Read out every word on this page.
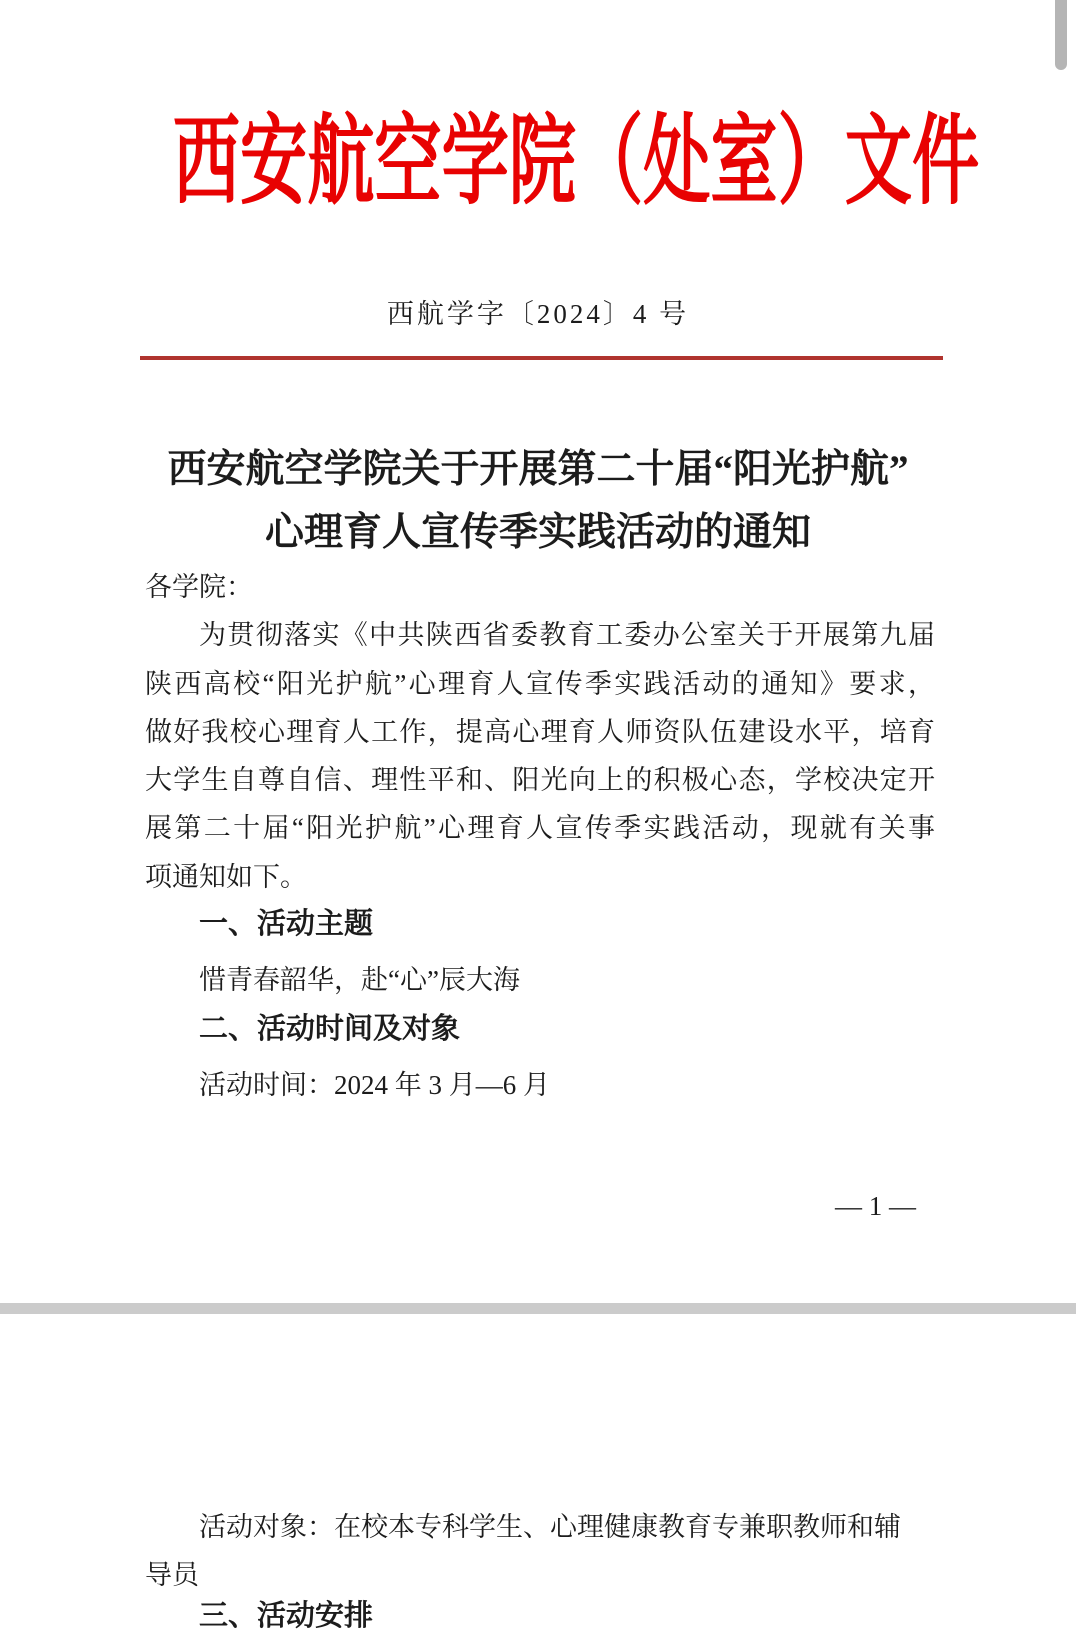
西安航空学院（处室）文件
西航学字〔2024〕4 号
西安航空学院关于开展第二十届“阳光护航”
心理育人宣传季实践活动的通知
各学院：
为贯彻落实《中共陕西省委教育工委办公室关于开展第九届
陕西高校“阳光护航”心理育人宣传季实践活动的通知》要求，
做好我校心理育人工作，提高心理育人师资队伍建设水平，培育
大学生自尊自信、理性平和、阳光向上的积极心态，学校决定开
展第二十届“阳光护航”心理育人宣传季实践活动，现就有关事
项通知如下。
一、活动主题
惜青春韶华，赴“心”辰大海
二、活动时间及对象
活动时间：2024 年 3 月—6 月
— 1 —
活动对象：在校本专科学生、心理健康教育专兼职教师和辅
导员
三、活动安排
